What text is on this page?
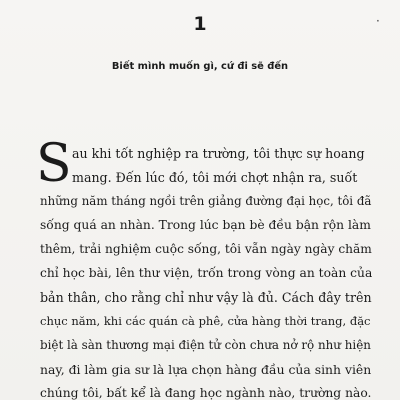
1	·
Biết mình muốn gì, cứ đi sẽ đến
S au khi tốt nghiệp ra trường, tôi thực sự hoang
mang. Đến lúc đó, tôi mới chợt nhận ra, suốt
những năm tháng ngồi trên giảng đường đại học, tôi đã
sống quá an nhàn. Trong lúc bạn bè đều bận rộn làm
thêm, trải nghiệm cuộc sống, tôi vẫn ngày ngày chăm
chỉ học bài, lên thư viện, trốn trong vòng an toàn của
bản thân, cho rằng chỉ như vậy là đủ. Cách đây trên
chục năm, khi các quán cà phê, cửa hàng thời trang, đặc
biệt là sàn thương mại điện tử còn chưa nở rộ như hiện
nay, đi làm gia sư là lựa chọn hàng đầu của sinh viên
chúng tôi, bất kể là đang học ngành nào, trường nào.
